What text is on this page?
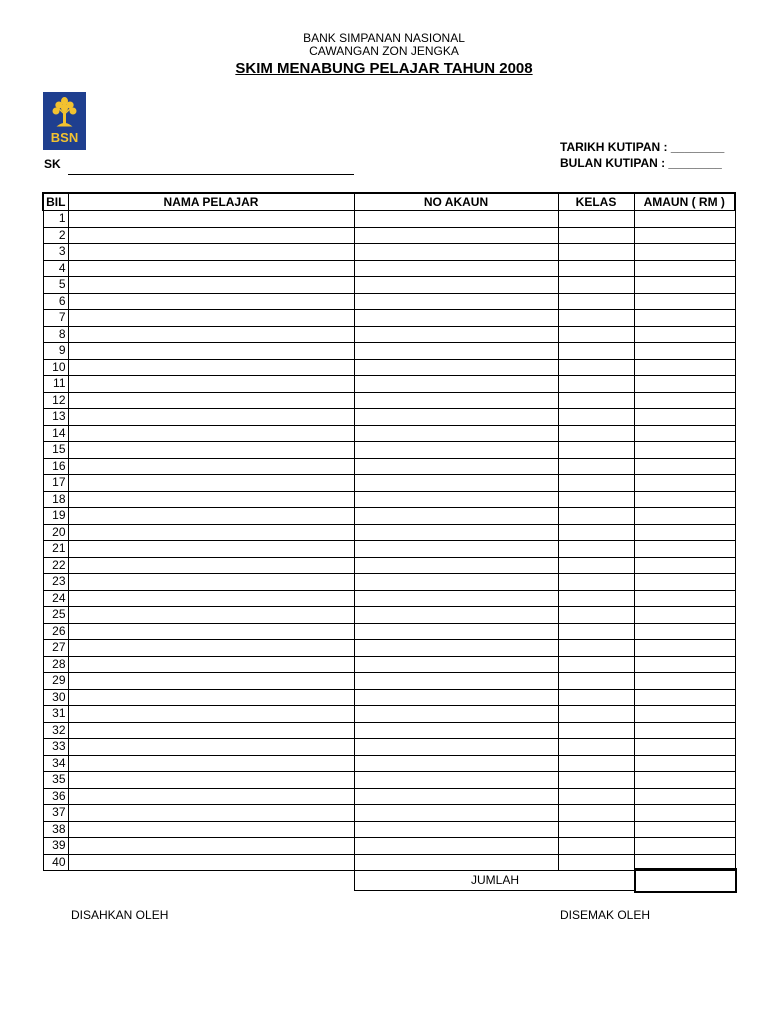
BANK SIMPANAN NASIONAL
CAWANGAN ZON JENGKA
SKIM MENABUNG PELAJAR TAHUN 2008
BSN
TARIKH KUTIPAN : ________
BULAN KUTIPAN : ________
SK
BIL	NAMA PELAJAR	NO AKAUN	KELAS	AMAUN ( RM )
1				
2				
3				
4				
5				
6				
7				
8				
9				
10				
11				
12				
13				
14				
15				
16				
17				
18				
19				
20				
21				
22				
23				
24				
25				
26				
27				
28				
29				
30				
31				
32				
33				
34				
35				
36				
37				
38				
39				
40				
JUMLAH
DISAHKAN OLEH	DISEMAK OLEH
